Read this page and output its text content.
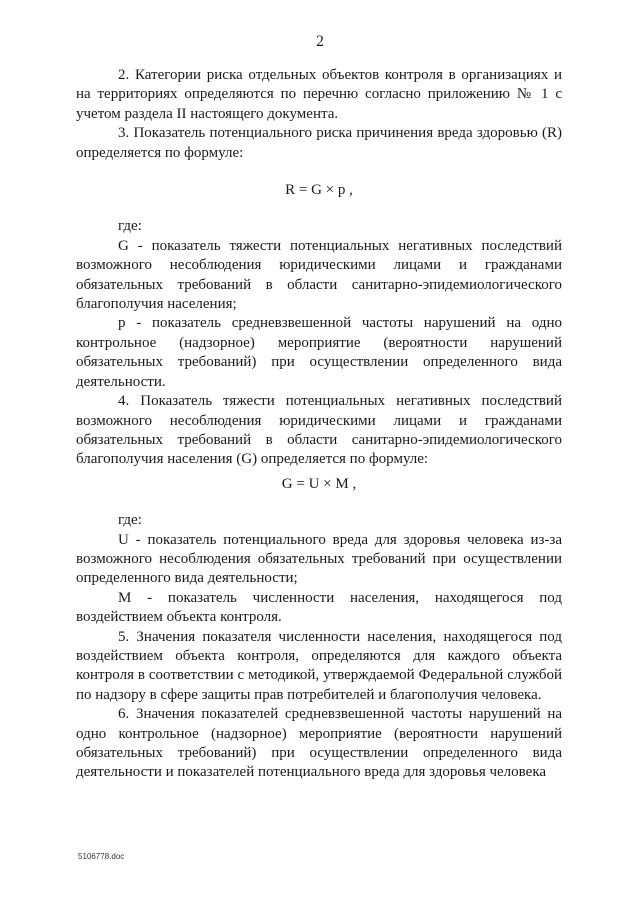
2

2. Категории риска отдельных объектов контроля в организациях и на территориях определяются по перечню согласно приложению № 1 с учетом раздела II настоящего документа.

3. Показатель потенциального риска причинения вреда здоровью (R) определяется по формуле:

R = G × p ,

где:

G - показатель тяжести потенциальных негативных последствий возможного несоблюдения юридическими лицами и гражданами обязательных требований в области санитарно-эпидемиологического благополучия населения;

p - показатель средневзвешенной частоты нарушений на одно контрольное (надзорное) мероприятие (вероятности нарушений обязательных требований) при осуществлении определенного вида деятельности.

4. Показатель тяжести потенциальных негативных последствий возможного несоблюдения юридическими лицами и гражданами обязательных требований в области санитарно-эпидемиологического благополучия населения (G) определяется по формуле:

G = U × M ,

где:

U - показатель потенциального вреда для здоровья человека из-за возможного несоблюдения обязательных требований при осуществлении определенного вида деятельности;

M - показатель численности населения, находящегося под воздействием объекта контроля.

5. Значения показателя численности населения, находящегося под воздействием объекта контроля, определяются для каждого объекта контроля в соответствии с методикой, утверждаемой Федеральной службой по надзору в сфере защиты прав потребителей и благополучия человека.

6. Значения показателей средневзвешенной частоты нарушений на одно контрольное (надзорное) мероприятие (вероятности нарушений обязательных требований) при осуществлении определенного вида деятельности и показателей потенциального вреда для здоровья человека

5106778.doc
